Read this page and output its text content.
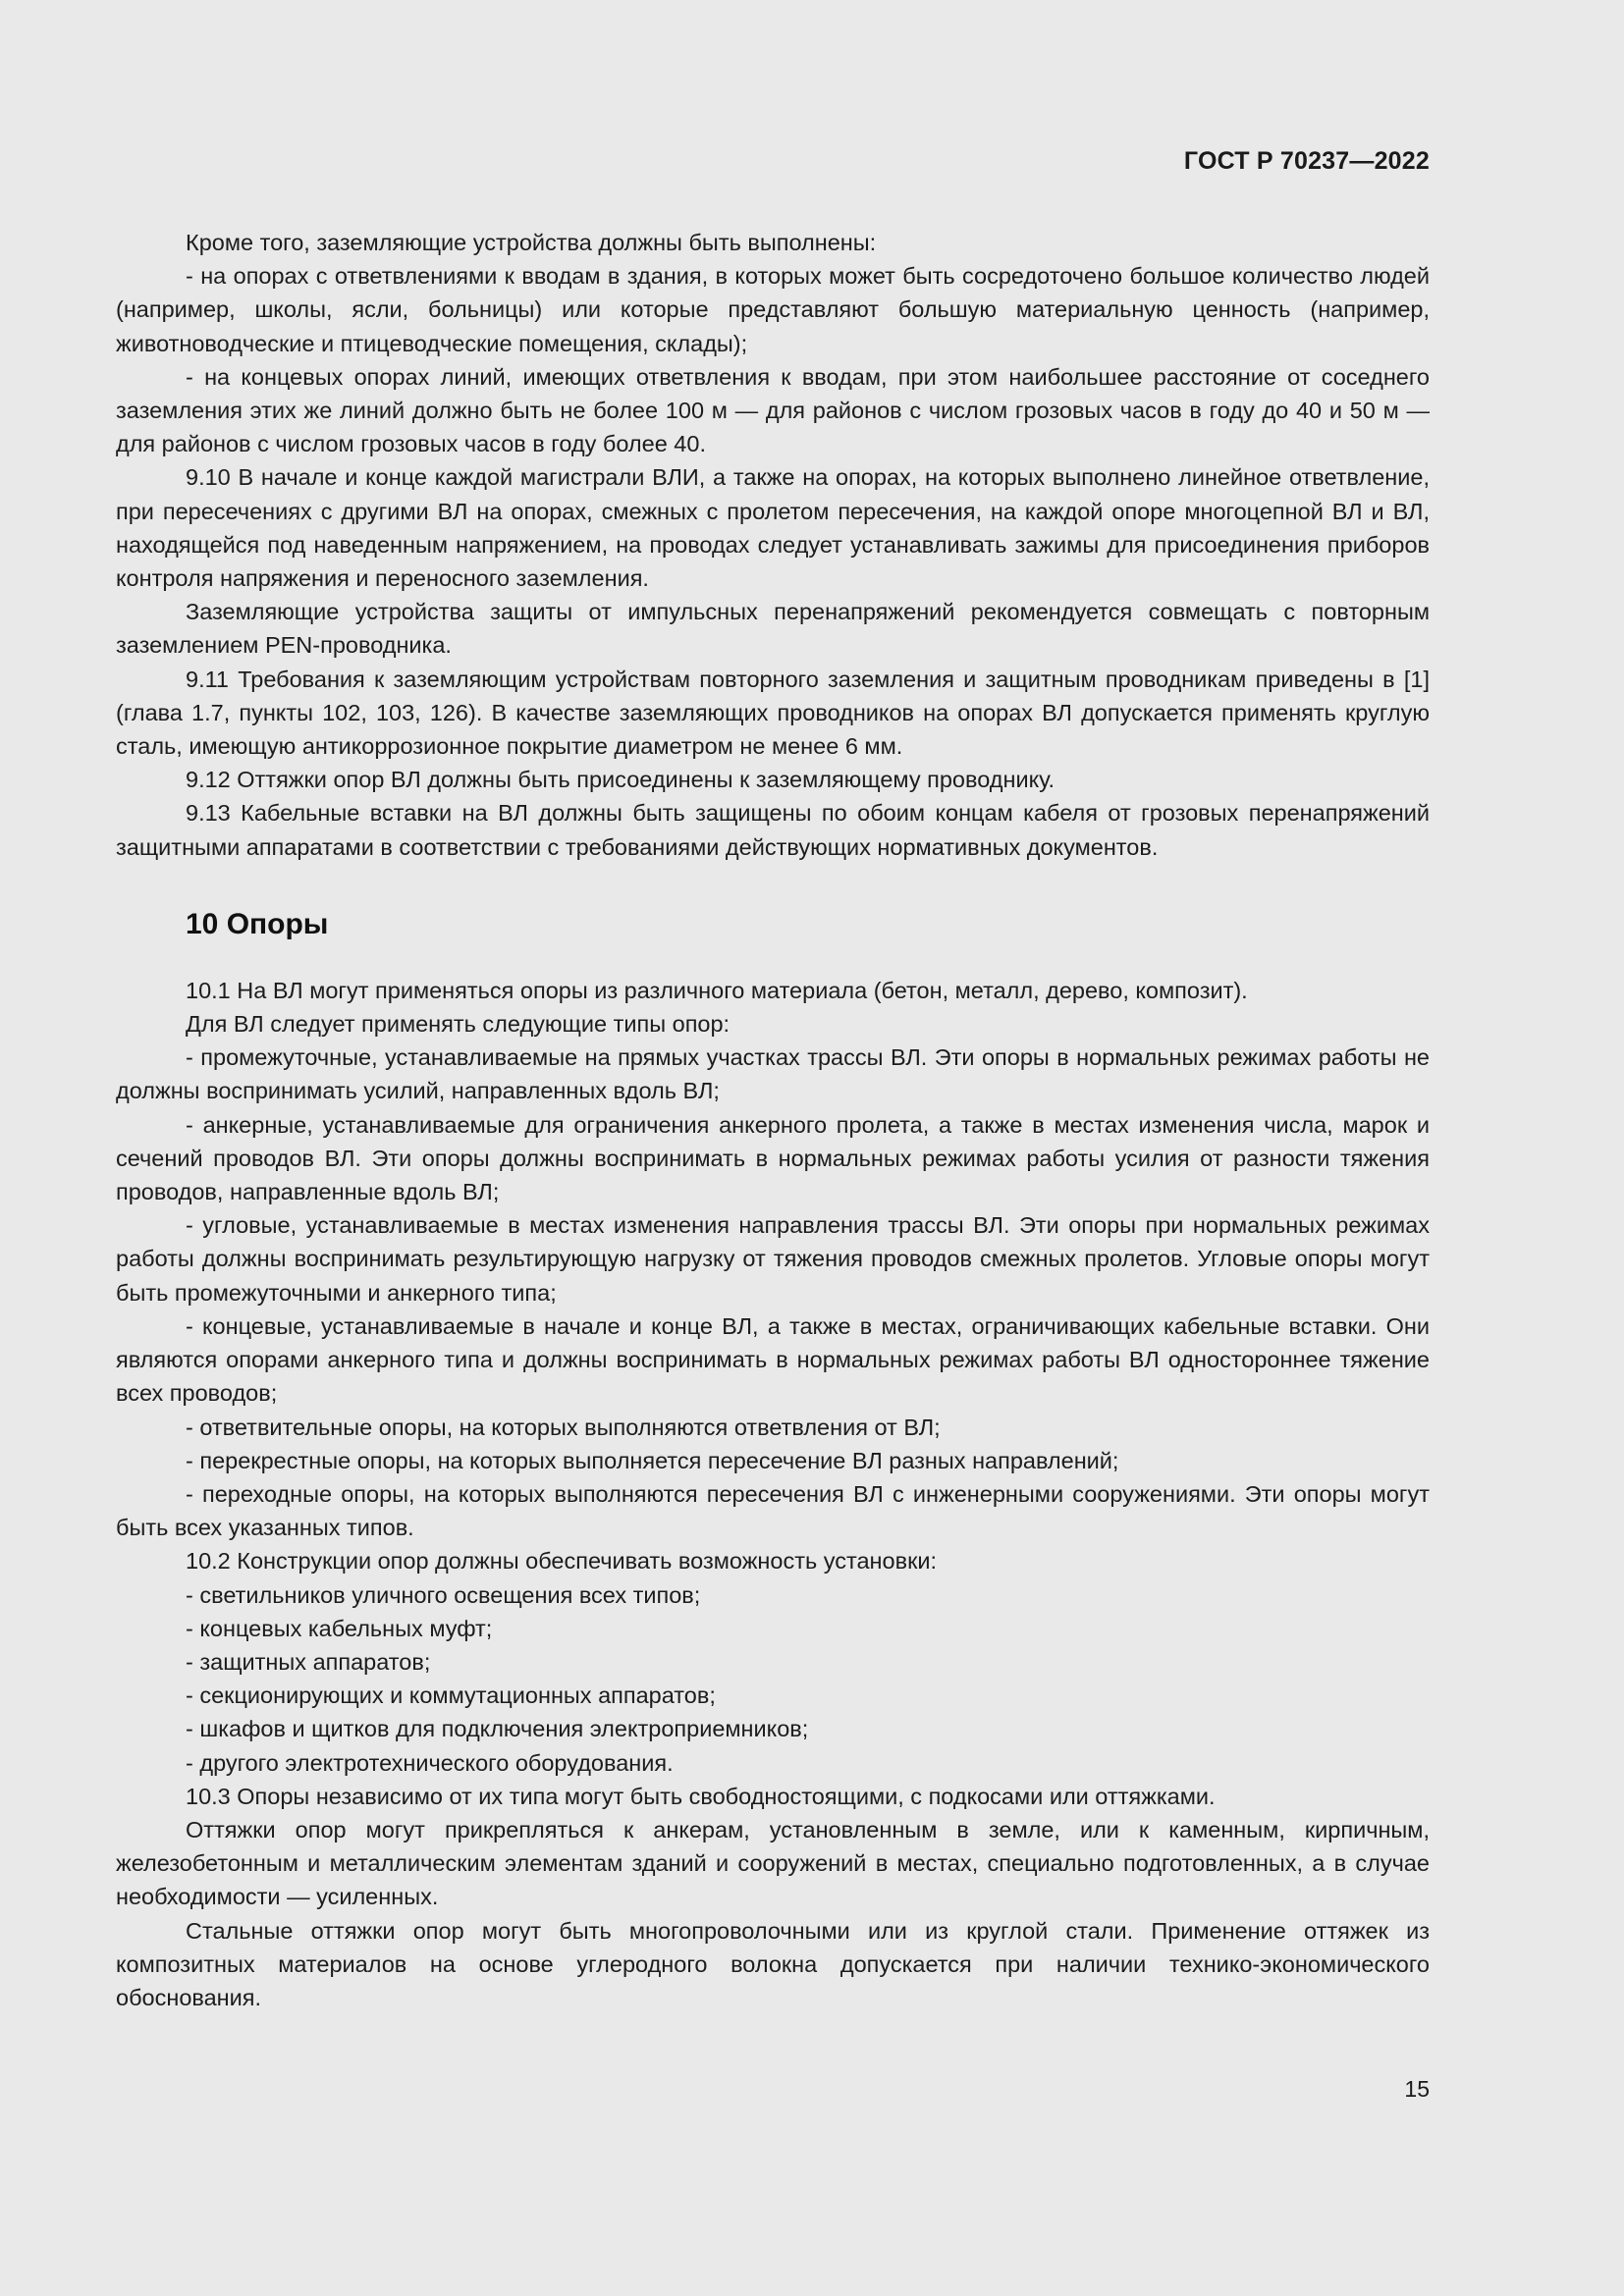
ГОСТ Р 70237—2022

Кроме того, заземляющие устройства должны быть выполнены:

- на опорах с ответвлениями к вводам в здания, в которых может быть сосредоточено большое количество людей (например, школы, ясли, больницы) или которые представляют большую материальную ценность (например, животноводческие и птицеводческие помещения, склады);

- на концевых опорах линий, имеющих ответвления к вводам, при этом наибольшее расстояние от соседнего заземления этих же линий должно быть не более 100 м — для районов с числом грозовых часов в году до 40 и 50 м — для районов с числом грозовых часов в году более 40.

9.10 В начале и конце каждой магистрали ВЛИ, а также на опорах, на которых выполнено линейное ответвление, при пересечениях с другими ВЛ на опорах, смежных с пролетом пересечения, на каждой опоре многоцепной ВЛ и ВЛ, находящейся под наведенным напряжением, на проводах следует устанавливать зажимы для присоединения приборов контроля напряжения и переносного заземления.

Заземляющие устройства защиты от импульсных перенапряжений рекомендуется совмещать с повторным заземлением PEN-проводника.

9.11 Требования к заземляющим устройствам повторного заземления и защитным проводникам приведены в [1] (глава 1.7, пункты 102, 103, 126). В качестве заземляющих проводников на опорах ВЛ допускается применять круглую сталь, имеющую антикоррозионное покрытие диаметром не менее 6 мм.

9.12 Оттяжки опор ВЛ должны быть присоединены к заземляющему проводнику.

9.13 Кабельные вставки на ВЛ должны быть защищены по обоим концам кабеля от грозовых перенапряжений защитными аппаратами в соответствии с требованиями действующих нормативных документов.

10 Опоры

10.1 На ВЛ могут применяться опоры из различного материала (бетон, металл, дерево, композит).

Для ВЛ следует применять следующие типы опор:

- промежуточные, устанавливаемые на прямых участках трассы ВЛ. Эти опоры в нормальных режимах работы не должны воспринимать усилий, направленных вдоль ВЛ;

- анкерные, устанавливаемые для ограничения анкерного пролета, а также в местах изменения числа, марок и сечений проводов ВЛ. Эти опоры должны воспринимать в нормальных режимах работы усилия от разности тяжения проводов, направленные вдоль ВЛ;

- угловые, устанавливаемые в местах изменения направления трассы ВЛ. Эти опоры при нормальных режимах работы должны воспринимать результирующую нагрузку от тяжения проводов смежных пролетов. Угловые опоры могут быть промежуточными и анкерного типа;

- концевые, устанавливаемые в начале и конце ВЛ, а также в местах, ограничивающих кабельные вставки. Они являются опорами анкерного типа и должны воспринимать в нормальных режимах работы ВЛ одностороннее тяжение всех проводов;

- ответвительные опоры, на которых выполняются ответвления от ВЛ;

- перекрестные опоры, на которых выполняется пересечение ВЛ разных направлений;

- переходные опоры, на которых выполняются пересечения ВЛ с инженерными сооружениями. Эти опоры могут быть всех указанных типов.

10.2 Конструкции опор должны обеспечивать возможность установки:

- светильников уличного освещения всех типов;

- концевых кабельных муфт;

- защитных аппаратов;

- секционирующих и коммутационных аппаратов;

- шкафов и щитков для подключения электроприемников;

- другого электротехнического оборудования.

10.3 Опоры независимо от их типа могут быть свободностоящими, с подкосами или оттяжками.

Оттяжки опор могут прикрепляться к анкерам, установленным в земле, или к каменным, кирпичным, железобетонным и металлическим элементам зданий и сооружений в местах, специально подготовленных, а в случае необходимости — усиленных.

Стальные оттяжки опор могут быть многопроволочными или из круглой стали. Применение оттяжек из композитных материалов на основе углеродного волокна допускается при наличии технико-экономического обоснования.

15
